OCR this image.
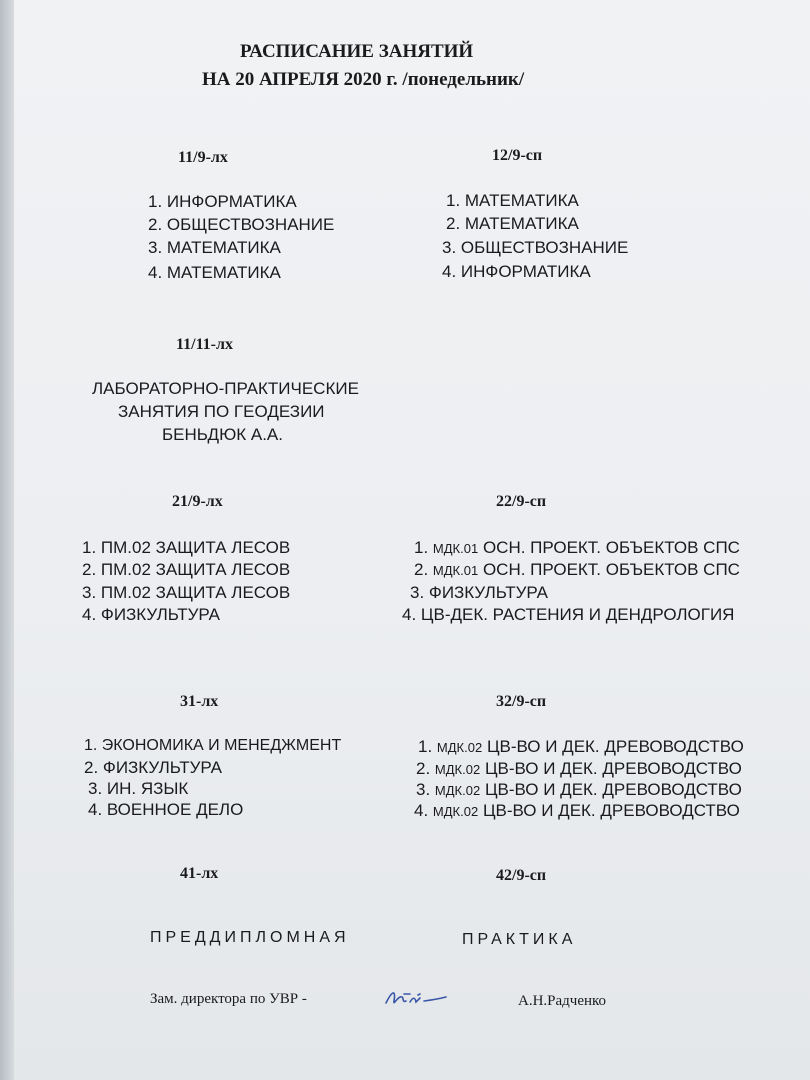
РАСПИСАНИЕ ЗАНЯТИЙ
НА 20 АПРЕЛЯ 2020 г. /понедельник/
11/9-лх
1. ИНФОРМАТИКА
2. ОБЩЕСТВОЗНАНИЕ
3. МАТЕМАТИКА
4. МАТЕМАТИКА
12/9-сп
1. МАТЕМАТИКА
2. МАТЕМАТИКА
3. ОБЩЕСТВОЗНАНИЕ
4. ИНФОРМАТИКА
11/11-лх
ЛАБОРАТОРНО-ПРАКТИЧЕСКИЕ
ЗАНЯТИЯ ПО ГЕОДЕЗИИ
БЕНЬДЮК А.А.
21/9-лх
1. ПМ.02 ЗАЩИТА ЛЕСОВ
2. ПМ.02 ЗАЩИТА ЛЕСОВ
3. ПМ.02 ЗАЩИТА ЛЕСОВ
4. ФИЗКУЛЬТУРА
22/9-сп
1. МДК.01 ОСН. ПРОЕКТ. ОБЪЕКТОВ СПС
2. МДК.01 ОСН. ПРОЕКТ. ОБЪЕКТОВ СПС
3. ФИЗКУЛЬТУРА
4. ЦВ-ДЕК. РАСТЕНИЯ И ДЕНДРОЛОГИЯ
31-лх
1. ЭКОНОМИКА И МЕНЕДЖМЕНТ
2. ФИЗКУЛЬТУРА
3. ИН. ЯЗЫК
4. ВОЕННОЕ ДЕЛО
32/9-сп
1. МДК.02 ЦВ-ВО И ДЕК. ДРЕВОВОДСТВО
2. МДК.02 ЦВ-ВО И ДЕК. ДРЕВОВОДСТВО
3. МДК.02 ЦВ-ВО И ДЕК. ДРЕВОВОДСТВО
4. МДК.02 ЦВ-ВО И ДЕК. ДРЕВОВОДСТВО
41-лх	42/9-сп
ПРЕДДИПЛОМНАЯ	ПРАКТИКА
Зам. директора по УВР -	А.Н.Радченко
